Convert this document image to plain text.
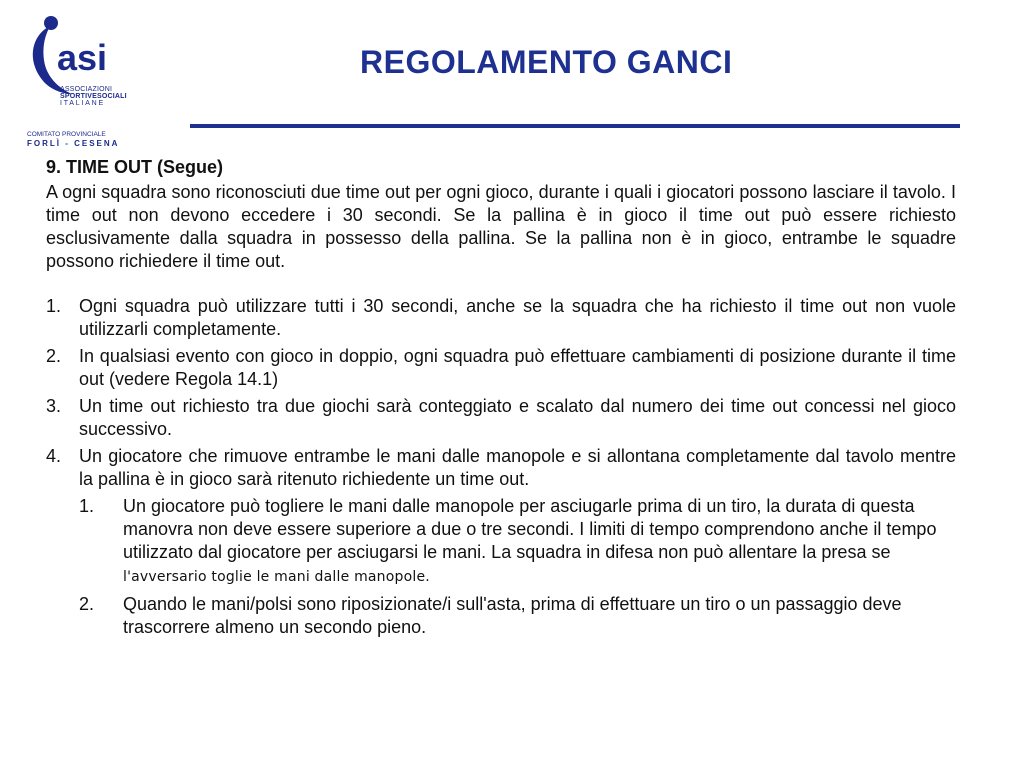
asi
ASSOCIAZIONI
SPORTIVESOCIALI
ITALIANE
COMITATO PROVINCIALE
FORLÌ - CESENA
REGOLAMENTO GANCI
9. TIME OUT (Segue)

A ogni squadra sono riconosciuti due time out per ogni gioco, durante i quali i giocatori possono lasciare il tavolo. I time out non devono eccedere i 30 secondi. Se la pallina è in gioco il time out può essere richiesto esclusivamente dalla squadra in possesso della pallina. Se la pallina non è in gioco, entrambe le squadre possono richiedere il time out.

1. Ogni squadra può utilizzare tutti i 30 secondi, anche se la squadra che ha richiesto il time out non vuole utilizzarli completamente.
2. In qualsiasi evento con gioco in doppio, ogni squadra può effettuare cambiamenti di posizione durante il time out (vedere Regola 14.1)
3. Un time out richiesto tra due giochi sarà conteggiato e scalato dal numero dei time out concessi nel gioco successivo.
4. Un giocatore che rimuove entrambe le mani dalle manopole e si allontana completamente dal tavolo mentre la pallina è in gioco sarà ritenuto richiedente un time out.
1. Un giocatore può togliere le mani dalle manopole per asciugarle prima di un tiro, la durata di questa manovra non deve essere superiore a due o tre secondi. I limiti di tempo comprendono anche il tempo utilizzato dal giocatore per asciugarsi le mani. La squadra in difesa non può allentare la presa se l'avversario toglie le mani dalle manopole.
2. Quando le mani/polsi sono riposizionate/i sull'asta, prima di effettuare un tiro o un passaggio deve trascorrere almeno un secondo pieno.
